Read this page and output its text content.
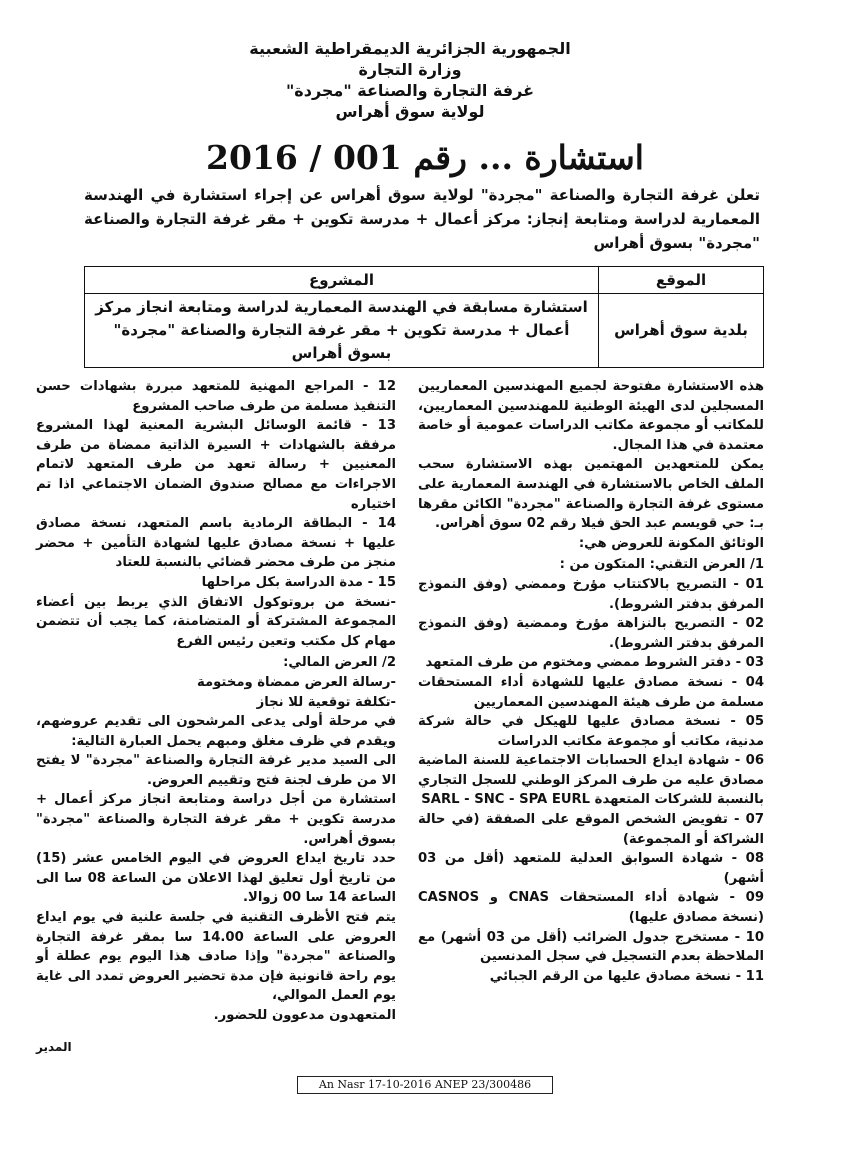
الجمهورية الجزائرية الديمقراطية الشعبية
وزارة التجارة
غرفة التجارة والصناعة "مجردة"
لولاية سوق أهراس
استشارة ... رقم 001 / 2016
تعلن غرفة التجارة والصناعة "مجردة" لولاية سوق أهراس عن إجراء استشارة في الهندسة المعمارية لدراسة ومتابعة إنجاز: مركز أعمال + مدرسة تكوين + مقر غرفة التجارة والصناعة "مجردة" بسوق أهراس
الموقع	المشروع
بلدية سوق أهراس	استشارة مسابقة في الهندسة المعمارية لدراسة ومتابعة انجاز مركز أعمال + مدرسة تكوين + مقر غرفة التجارة والصناعة "مجردة" بسوق أهراس

هذه الاستشارة مفتوحة لجميع المهندسين المعماريين المسجلين لدى الهيئة الوطنية للمهندسين المعماريين، للمكاتب أو مجموعة مكاتب الدراسات عمومية أو خاصة معتمدة في هذا المجال.

يمكن للمتعهدين المهتمين بهذه الاستشارة سحب الملف الخاص بالاستشارة في الهندسة المعمارية على مستوى غرفة التجارة والصناعة "مجردة" الكائن مقرها بـ: حي قويسم عبد الحق فيلا رقم 02 سوق أهراس.

الوثائق المكونة للعروض هي:

1/ العرض التقني: المتكون من :

01 - التصريح بالاكتتاب مؤرخ وممضي (وفق النموذج المرفق بدفتر الشروط).

02 - التصريح بالنزاهة مؤرخ وممضية (وفق النموذج المرفق بدفتر الشروط).

03 - دفتر الشروط ممضي ومختوم من طرف المتعهد

04 - نسخة مصادق عليها للشهادة أداء المستحقات مسلمة من طرف هيئة المهندسين المعماريين

05 - نسخة مصادق عليها للهيكل في حالة شركة مدنية، مكاتب أو مجموعة مكاتب الدراسات

06 - شهادة ايداع الحسابات الاجتماعية للسنة الماضية مصادق عليه من طرف المركز الوطني للسجل التجاري بالنسبة للشركات المتعهدة SARL - SNC - SPA EURL

07 - تفويض الشخص الموقع على الصفقة (في حالة الشراكة أو المجموعة)

08 - شهادة السوابق العدلية للمتعهد (أقل من 03 أشهر)

09 - شهادة أداء المستحقات CNAS و CASNOS (نسخة مصادق عليها)

10 - مستخرج جدول الضرائب (أقل من 03 أشهر) مع الملاحظة بعدم التسجيل في سجل المدنسين

11 - نسخة مصادق عليها من الرقم الجبائي

12 - المراجع المهنية للمتعهد مبررة بشهادات حسن التنفيذ مسلمة من طرف صاحب المشروع

13 - قائمة الوسائل البشرية المعنية لهذا المشروع مرفقة بالشهادات + السيرة الذاتية ممضاة من طرف المعنيين + رسالة تعهد من طرف المتعهد لاتمام الاجراءات مع مصالح صندوق الضمان الاجتماعي اذا تم اختياره

14 - البطاقة الرمادية باسم المتعهد، نسخة مصادق عليها + نسخة مصادق عليها لشهادة التأمين + محضر منجز من طرف محضر قضائي بالنسبة للعتاد

15 - مدة الدراسة بكل مراحلها

-نسخة من بروتوكول الاتفاق الذي يربط بين أعضاء المجموعة المشتركة أو المتضامنة، كما يجب أن تتضمن مهام كل مكتب وتعين رئيس الفرع

2/ العرض المالي:

-رسالة العرض ممضاة ومختومة

-تكلفة توقعية للا نجاز

في مرحلة أولى يدعى المرشحون الى تقديم عروضهم، ويقدم في ظرف مغلق ومبهم يحمل العبارة التالية:

الى السيد مدير غرفة التجارة والصناعة "مجردة" لا يفتح الا من طرف لجنة فتح وتقييم العروض.

استشارة من أجل دراسة ومتابعة انجاز مركز أعمال + مدرسة تكوين + مقر غرفة التجارة والصناعة "مجردة" بسوق أهراس.

حدد تاريخ ايداع العروض في اليوم الخامس عشر (15) من تاريخ أول تعليق لهذا الاعلان من الساعة 08 سا الى الساعة 14 سا 00 زوالا.

يتم فتح الأظرف التقنية في جلسة علنية في يوم ايداع العروض على الساعة 14.00 سا بمقر غرفة التجارة والصناعة "مجردة" وإذا صادف هذا اليوم يوم عطلة أو يوم راحة قانونية فإن مدة تحضير العروض تمدد الى غاية يوم العمل الموالي،

المتعهدون مدعوون للحضور.

المدير
An Nasr 17-10-2016 ANEP 23/300486
